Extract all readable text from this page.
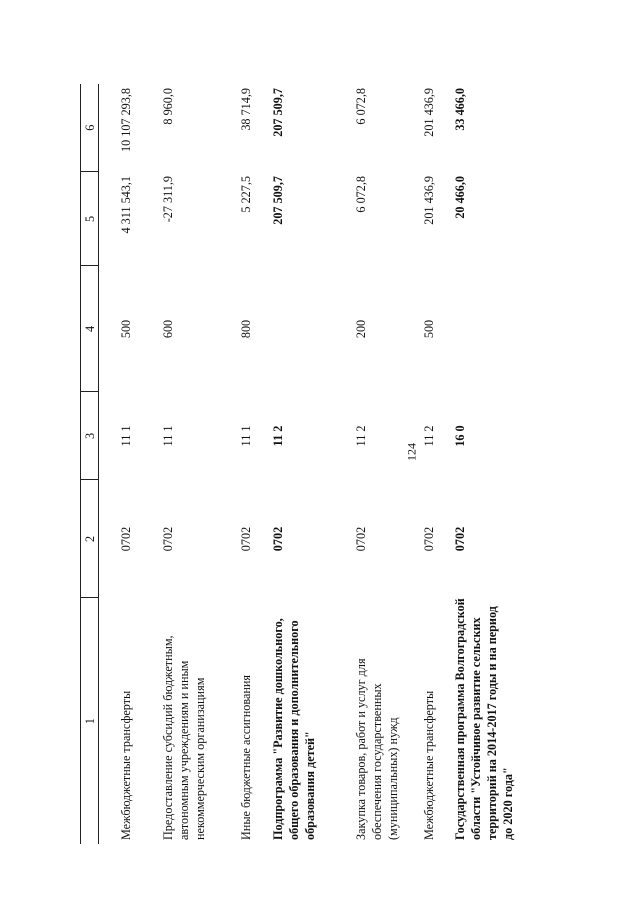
124
1	2	3	4	5	6
Межбюджетные трансферты	0702	11 1	500	4 311 543,1	10 107 293,8
Предоставление субсидий бюджетным, автономным учреждениям и иным некоммерческим организациям	0702	11 1	600	-27 311,9	8 960,0
Иные бюджетные ассигнования	0702	11 1	800	5 227,5	38 714,9
Подпрограмма "Развитие дошкольного, общего образования и дополнительного образования детей"	0702	11 2		207 509,7	207 509,7
Закупка товаров, работ и услуг для обеспечения государственных (муниципальных) нужд	0702	11 2	200	6 072,8	6 072,8
Межбюджетные трансферты	0702	11 2	500	201 436,9	201 436,9
Государственная программа Волгоградской области "Устойчивое развитие сельских территорий на 2014-2017 годы и на период до 2020 года"	0702	16 0		20 466,0	33 466,0
